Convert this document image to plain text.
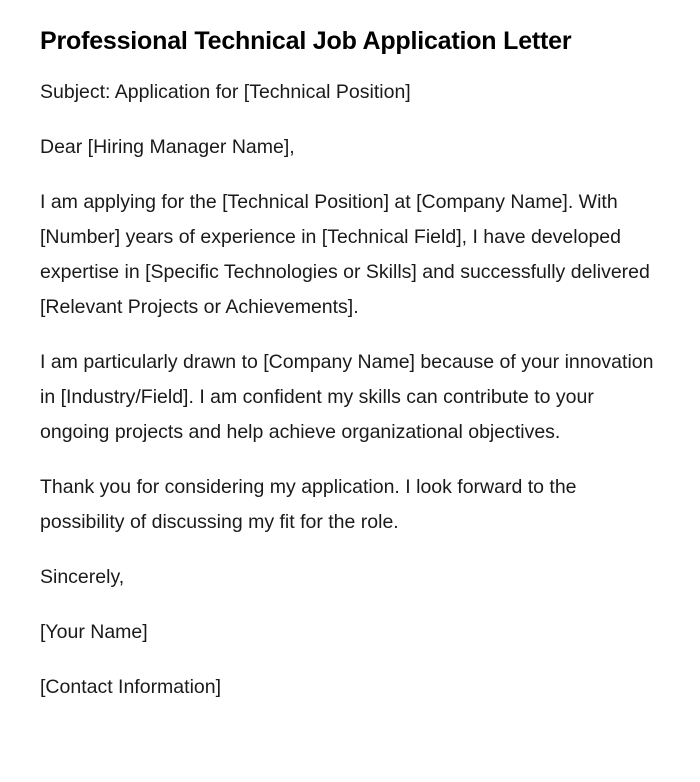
Professional Technical Job Application Letter

Subject: Application for [Technical Position]

Dear [Hiring Manager Name],

I am applying for the [Technical Position] at [Company Name]. With [Number] years of experience in [Technical Field], I have developed expertise in [Specific Technologies or Skills] and successfully delivered [Relevant Projects or Achievements].

I am particularly drawn to [Company Name] because of your innovation in [Industry/Field]. I am confident my skills can contribute to your ongoing projects and help achieve organizational objectives.

Thank you for considering my application. I look forward to the possibility of discussing my fit for the role.

Sincerely,

[Your Name]

[Contact Information]
